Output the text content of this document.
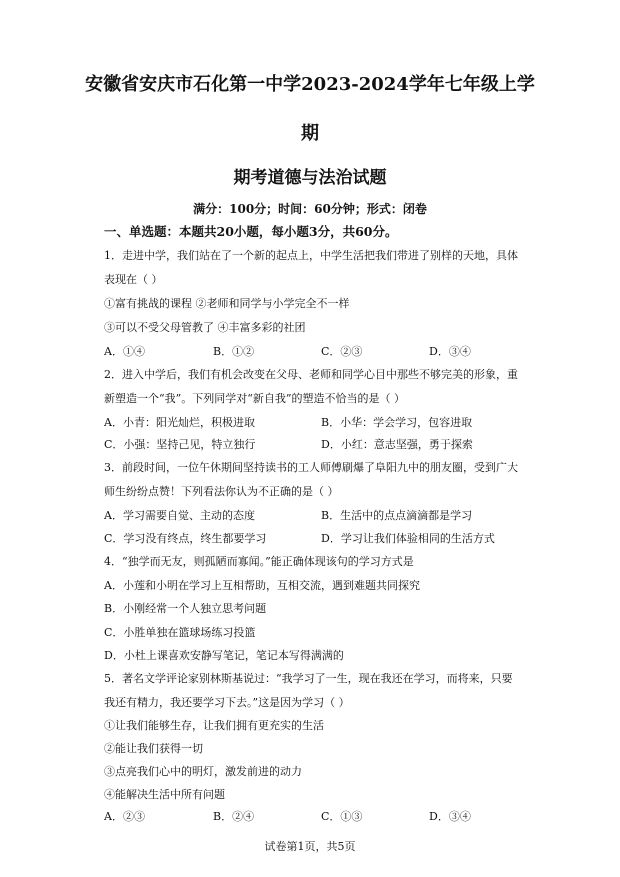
安徽省安庆市石化第一中学2023-2024学年七年级上学
期
期考道德与法治试题
满分：100分；时间：60分钟；形式：闭卷
一、单选题：本题共20小题，每小题3分，共60分。
1．走进中学，我们站在了一个新的起点上，中学生活把我们带进了别样的天地，具体
表现在（ ）
①富有挑战的课程 ②老师和同学与小学完全不一样
③可以不受父母管教了 ④丰富多彩的社团
A．①④	B．①②	C．②③	D．③④
2．进入中学后，我们有机会改变在父母、老师和同学心目中那些不够完美的形象，重
新塑造一个“我”。下列同学对“新自我”的塑造不恰当的是（ ）
A．小青：阳光灿烂，积极进取	B．小华：学会学习，包容进取
C．小强：坚持己见，特立独行	D．小红：意志坚强，勇于探索
3．前段时间，一位午休期间坚持读书的工人师傅刷爆了阜阳九中的朋友圈，受到广大
师生纷纷点赞！下列看法你认为不正确的是（ ）
A．学习需要自觉、主动的态度	B．生活中的点点滴滴都是学习
C．学习没有终点，终生都要学习	D．学习让我们体验相同的生活方式
4．“独学而无友，则孤陋而寡闻。”能正确体现该句的学习方式是
A．小莲和小明在学习上互相帮助，互相交流，遇到难题共同探究
B．小刚经常一个人独立思考问题
C．小胜单独在篮球场练习投篮
D．小杜上课喜欢安静写笔记，笔记本写得满满的
5．著名文学评论家别林斯基说过：“我学习了一生，现在我还在学习，而将来，只要
我还有精力，我还要学习下去。”这是因为学习（ ）
①让我们能够生存，让我们拥有更充实的生活
②能让我们获得一切
③点亮我们心中的明灯，激发前进的动力
④能解决生活中所有问题
A．②③	B．②④	C．①③	D．③④
试卷第1页，共5页
